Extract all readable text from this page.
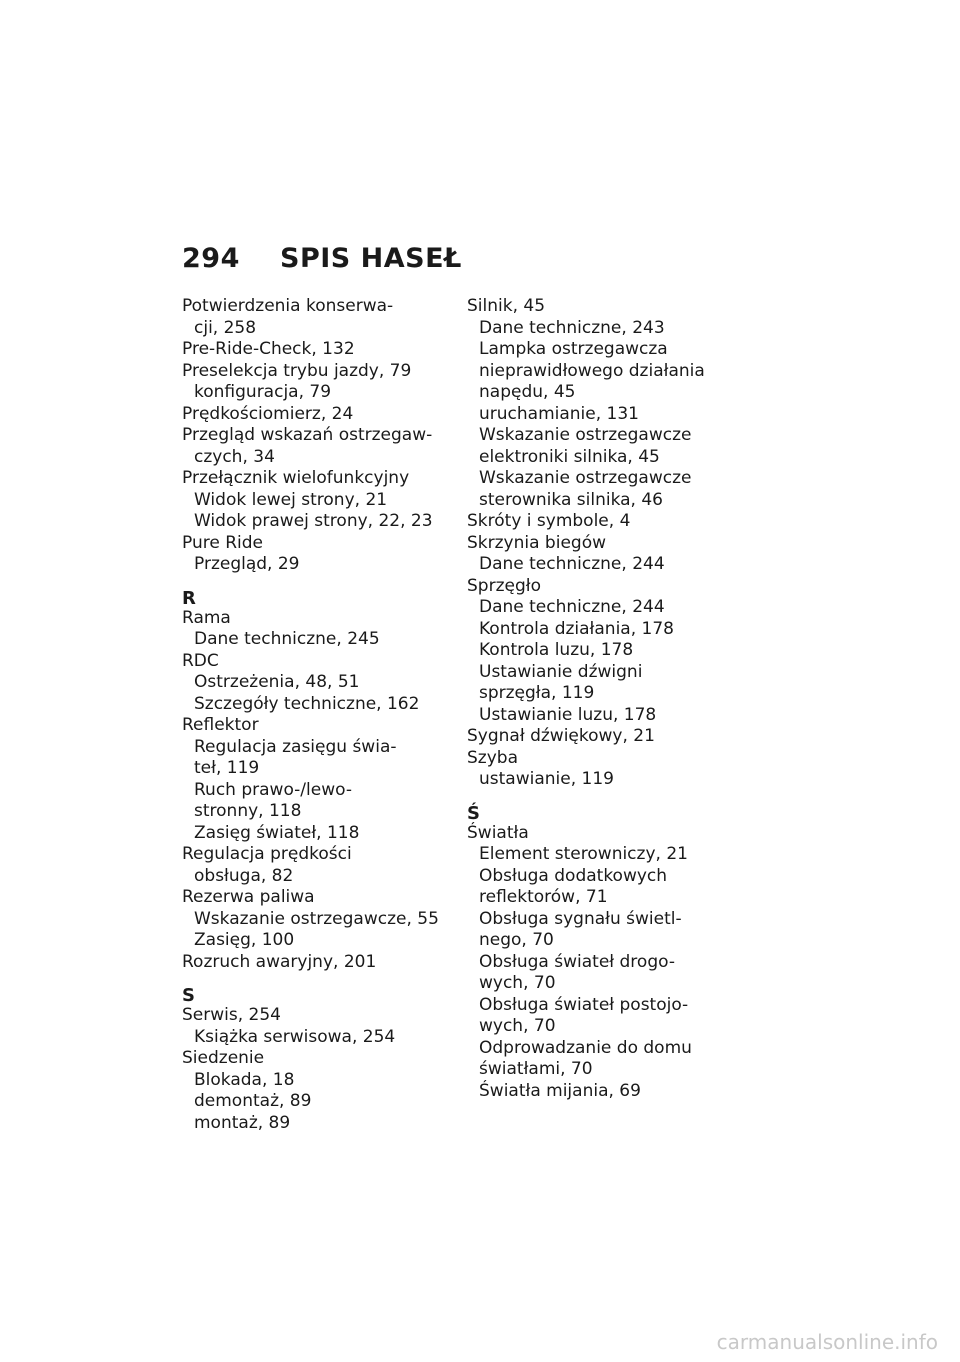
294 SPIS HASEŁ
Potwierdzenia konserwa-
cji, 258
Pre-Ride-Check, 132
Preselekcja trybu jazdy, 79
konfiguracja, 79
Prędkościomierz, 24
Przegląd wskazań ostrzegaw-
czych, 34
Przełącznik wielofunkcyjny
Widok lewej strony, 21
Widok prawej strony, 22, 23
Pure Ride
Przegląd, 29
R
Rama
Dane techniczne, 245
RDC
Ostrzeżenia, 48, 51
Szczegóły techniczne, 162
Reflektor
Regulacja zasięgu świa-
teł, 119
Ruch prawo-/lewo-
stronny, 118
Zasięg świateł, 118
Regulacja prędkości
obsługa, 82
Rezerwa paliwa
Wskazanie ostrzegawcze, 55
Zasięg, 100
Rozruch awaryjny, 201
S
Serwis, 254
Książka serwisowa, 254
Siedzenie
Blokada, 18
demontaż, 89
montaż, 89
Silnik, 45
Dane techniczne, 243
Lampka ostrzegawcza
nieprawidłowego działania
napędu, 45
uruchamianie, 131
Wskazanie ostrzegawcze
elektroniki silnika, 45
Wskazanie ostrzegawcze
sterownika silnika, 46
Skróty i symbole, 4
Skrzynia biegów
Dane techniczne, 244
Sprzęgło
Dane techniczne, 244
Kontrola działania, 178
Kontrola luzu, 178
Ustawianie dźwigni
sprzęgła, 119
Ustawianie luzu, 178
Sygnał dźwiękowy, 21
Szyba
ustawianie, 119
Ś
Światła
Element sterowniczy, 21
Obsługa dodatkowych
reflektorów, 71
Obsługa sygnału świetl-
nego, 70
Obsługa świateł drogo-
wych, 70
Obsługa świateł postojo-
wych, 70
Odprowadzanie do domu
światłami, 70
Światła mijania, 69
carmanualsonline.info
